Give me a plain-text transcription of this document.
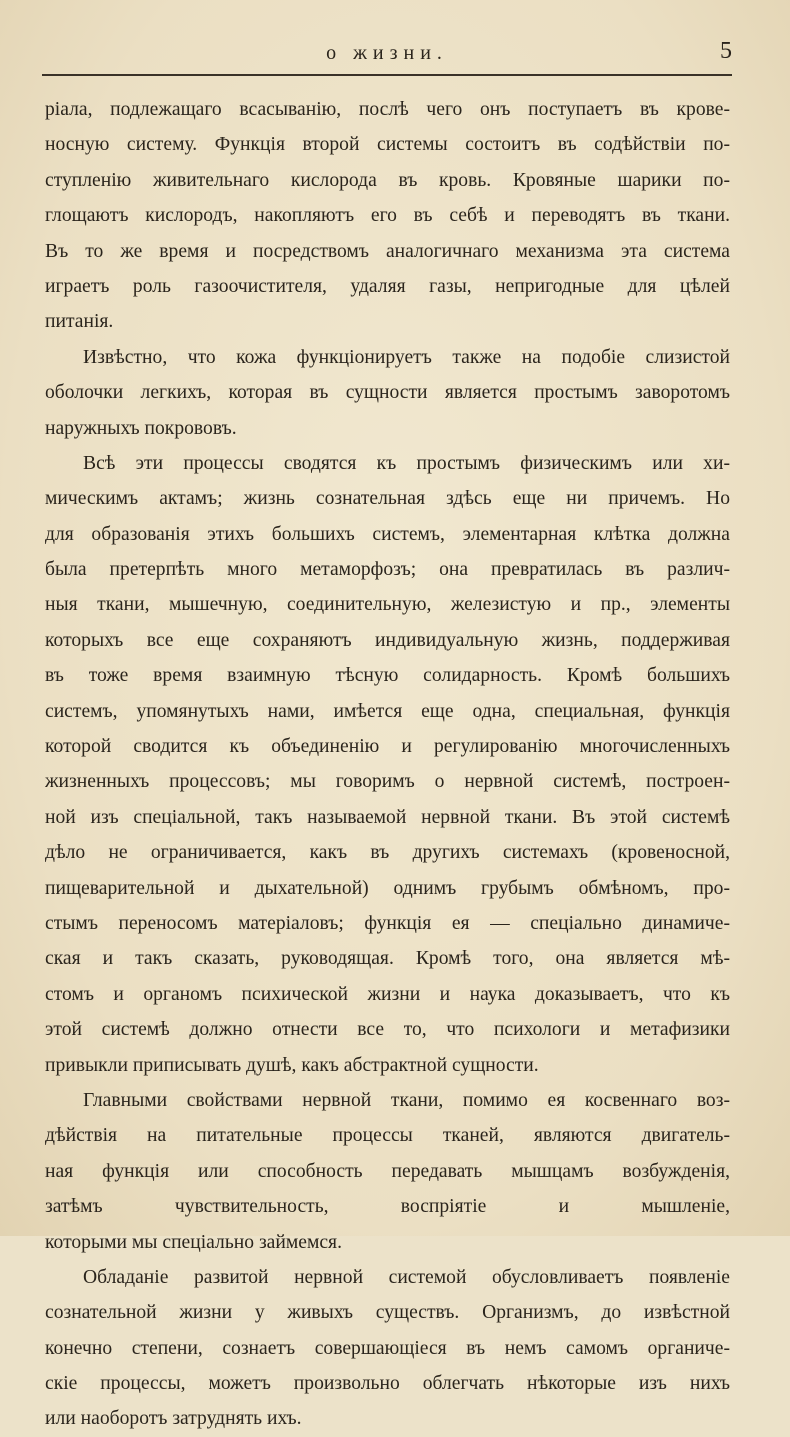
о жизни.	5
ріала, подлежащаго всасыванію, послѣ чего онъ поступаетъ въ крове-
носную систему. Функція второй системы состоитъ въ содѣйствіи по-
ступленію живительнаго кислорода въ кровь. Кровяные шарики по-
глощаютъ кислородъ, накопляютъ его въ себѣ и переводятъ въ ткани.
Въ то же время и посредствомъ аналогичнаго механизма эта система
играетъ роль газоочистителя, удаляя газы, непригодные для цѣлей
питанія.
Извѣстно, что кожа функціонируетъ также на подобіе слизистой
оболочки легкихъ, которая въ сущности является простымъ заворотомъ
наружныхъ покрововъ.
Всѣ эти процессы сводятся къ простымъ физическимъ или хи-
мическимъ актамъ; жизнь сознательная здѣсь еще ни причемъ. Но
для образованія этихъ большихъ системъ, элементарная клѣтка должна
была претерпѣть много метаморфозъ; она превратилась въ различ-
ныя ткани, мышечную, соединительную, железистую и пр., элементы
которыхъ все еще сохраняютъ индивидуальную жизнь, поддерживая
въ тоже время взаимную тѣсную солидарность. Кромѣ большихъ
системъ, упомянутыхъ нами, имѣется еще одна, специальная, функція
которой сводится къ объединенію и регулированію многочисленныхъ
жизненныхъ процессовъ; мы говоримъ о нервной системѣ, построен-
ной изъ спеціальной, такъ называемой нервной ткани. Въ этой системѣ
дѣло не ограничивается, какъ въ другихъ системахъ (кровеносной,
пищеварительной и дыхательной) однимъ грубымъ обмѣномъ, про-
стымъ переносомъ матеріаловъ; функція ея — спеціально динамиче-
ская и такъ сказать, руководящая. Кромѣ того, она является мѣ-
стомъ и органомъ психической жизни и наука доказываетъ, что къ
этой системѣ должно отнести все то, что психологи и метафизики
привыкли приписывать душѣ, какъ абстрактной сущности.
Главными свойствами нервной ткани, помимо ея косвеннаго воз-
дѣйствія на питательные процессы тканей, являются двигатель-
ная функція или способность передавать мышцамъ возбужденія,
затѣмъ чувствительность, воспріятіе и мышленіе,
которыми мы спеціально займемся.
Обладаніе развитой нервной системой обусловливаетъ появленіе
сознательной жизни у живыхъ существъ. Организмъ, до извѣстной
конечно степени, сознаетъ совершающіеся въ немъ самомъ органиче-
скіе процессы, можетъ произвольно облегчать нѣкоторые изъ нихъ
или наоборотъ затруднять ихъ.
